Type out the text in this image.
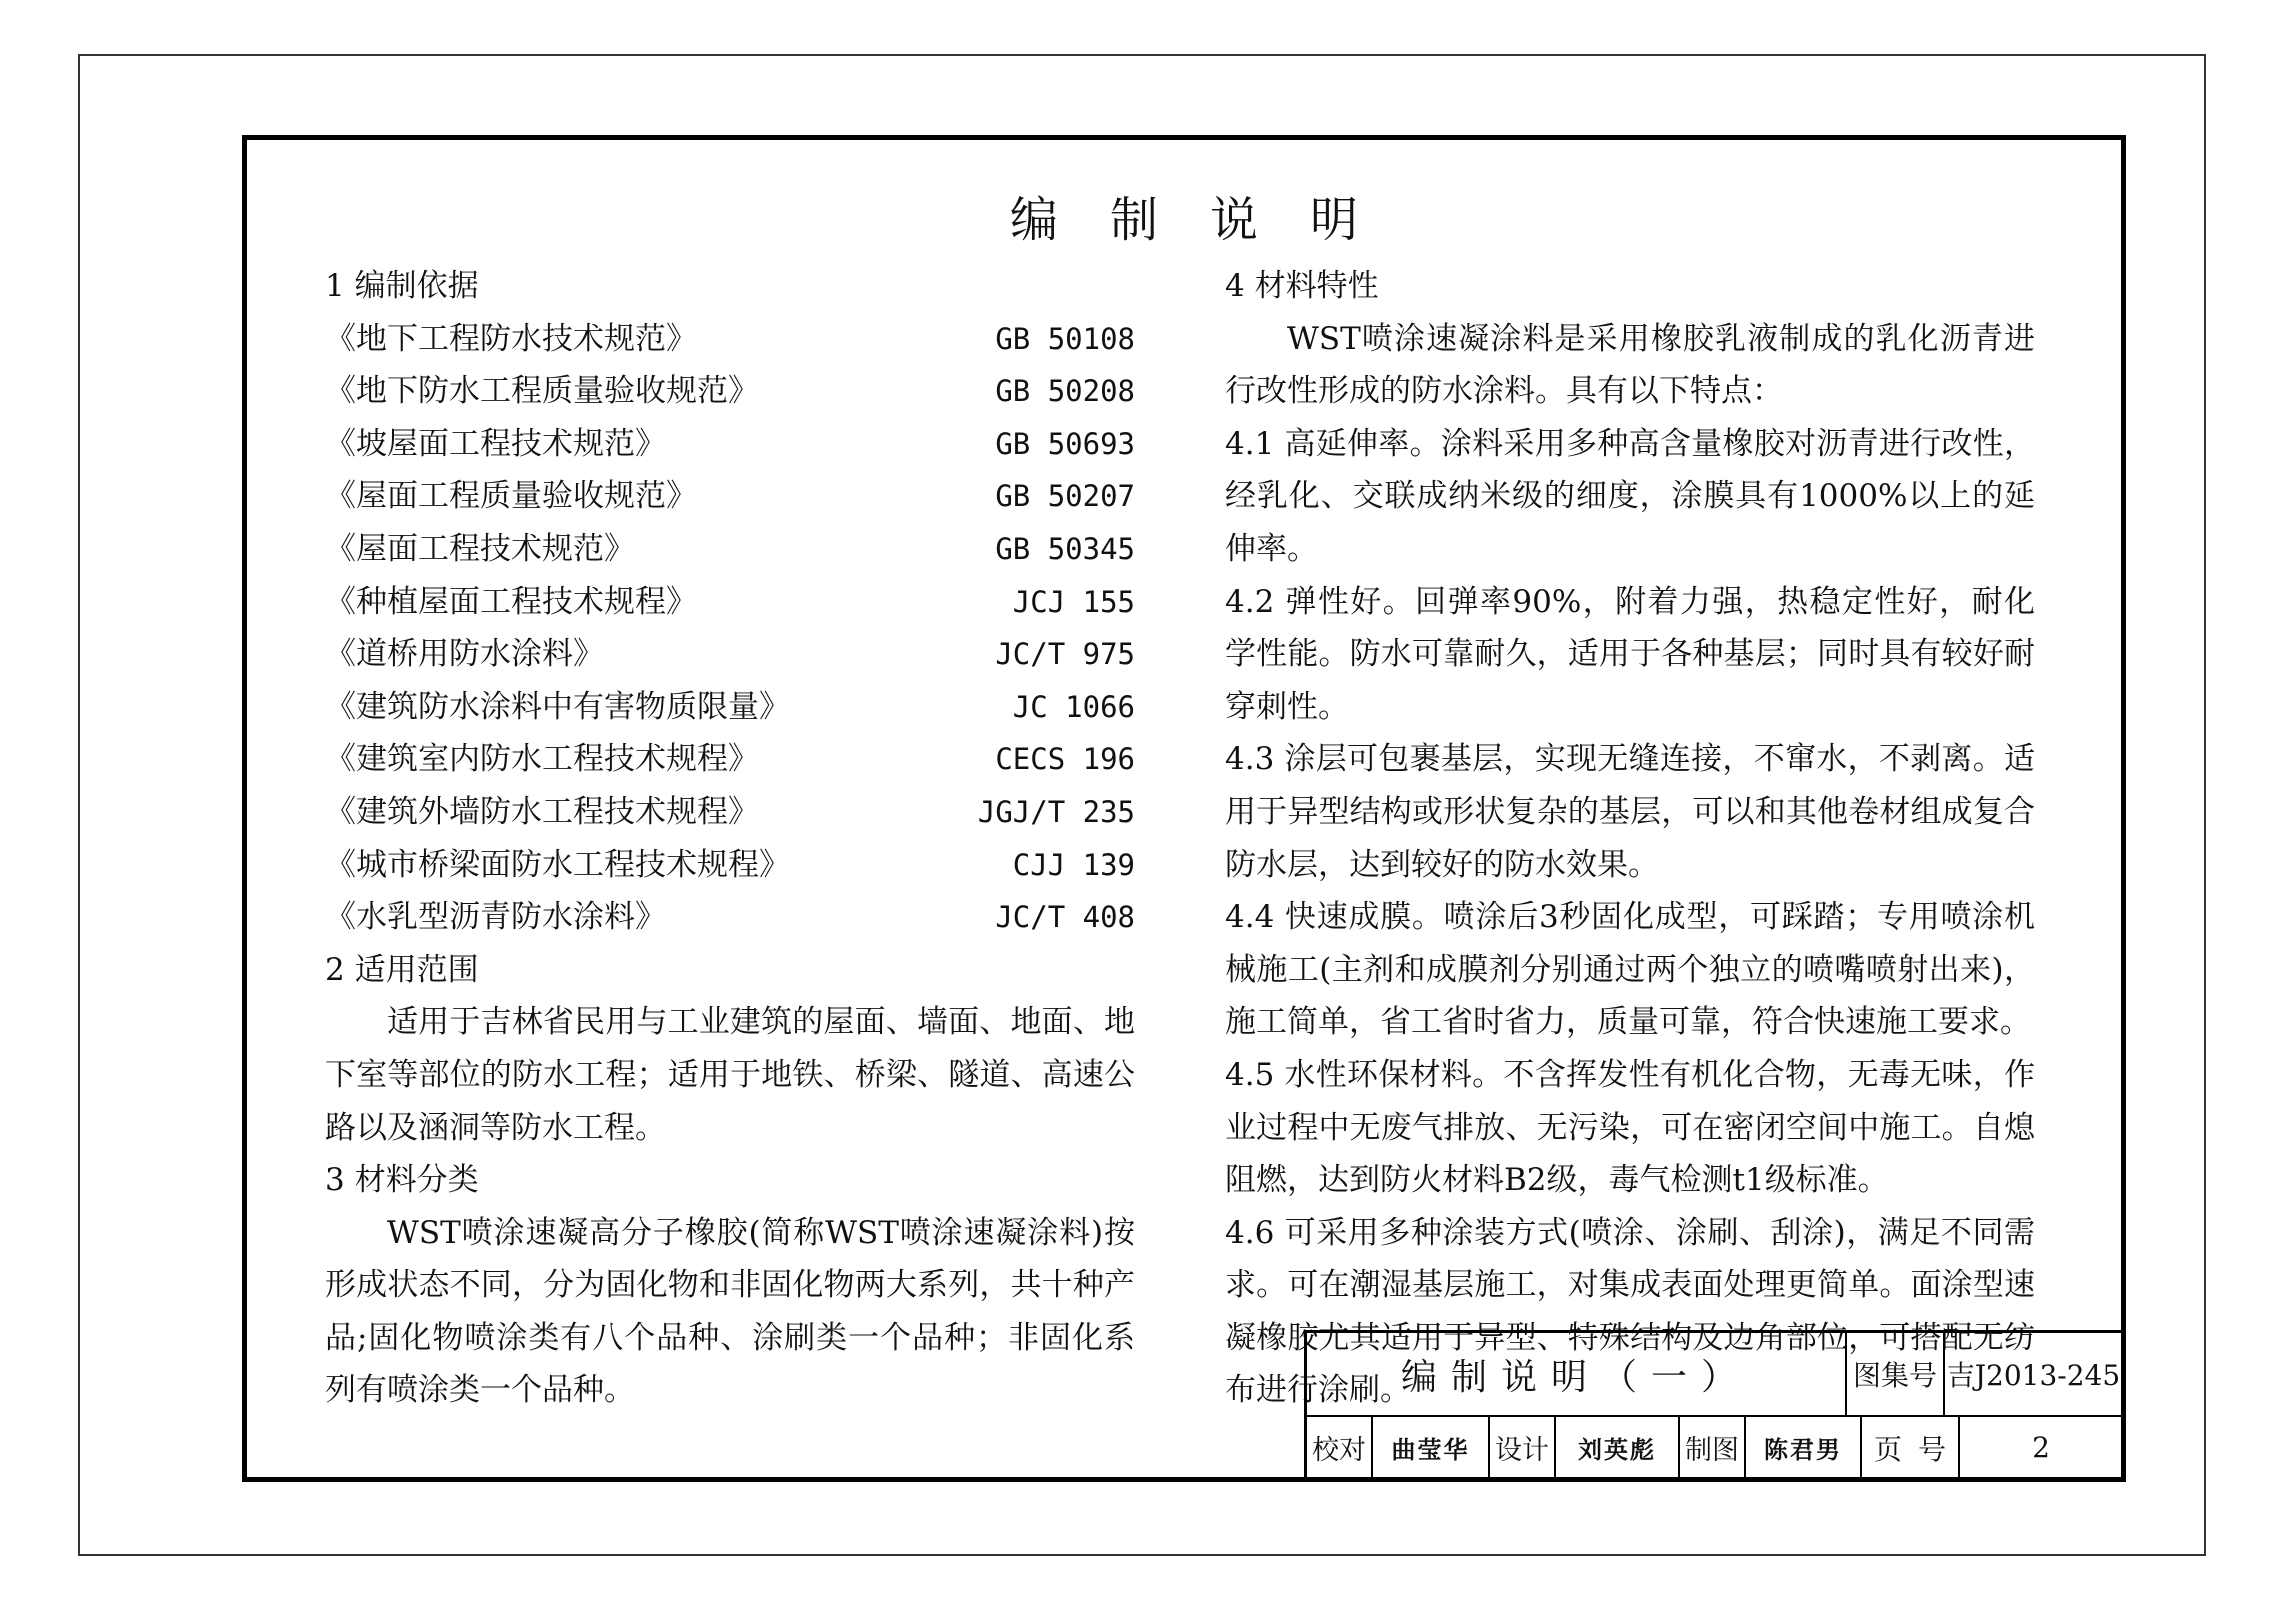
编制说明
1 编制依据
《地下工程防水技术规范》	GB 50108
《地下防水工程质量验收规范》	GB 50208
《坡屋面工程技术规范》	GB 50693
《屋面工程质量验收规范》	GB 50207
《屋面工程技术规范》	GB 50345
《种植屋面工程技术规程》	JCJ 155
《道桥用防水涂料》	JC/T 975
《建筑防水涂料中有害物质限量》	JC 1066
《建筑室内防水工程技术规程》	CECS 196
《建筑外墙防水工程技术规程》	JGJ/T 235
《城市桥梁面防水工程技术规程》	CJJ 139
《水乳型沥青防水涂料》	JC/T 408
2 适用范围
适用于吉林省民用与工业建筑的屋面、墙面、地面、地下室等部位的防水工程；适用于地铁、桥梁、隧道、高速公路以及涵洞等防水工程。
3 材料分类
WST喷涂速凝高分子橡胶(简称WST喷涂速凝涂料)按形成状态不同，分为固化物和非固化物两大系列，共十种产品;固化物喷涂类有八个品种、涂刷类一个品种；非固化系列有喷涂类一个品种。
4 材料特性
WST喷涂速凝涂料是采用橡胶乳液制成的乳化沥青进行改性形成的防水涂料。具有以下特点：
4.1 高延伸率。涂料采用多种高含量橡胶对沥青进行改性，经乳化、交联成纳米级的细度，涂膜具有1000%以上的延伸率。
4.2 弹性好。回弹率90%，附着力强，热稳定性好，耐化学性能。防水可靠耐久，适用于各种基层；同时具有较好耐穿刺性。
4.3 涂层可包裹基层，实现无缝连接，不窜水，不剥离。适用于异型结构或形状复杂的基层，可以和其他卷材组成复合防水层，达到较好的防水效果。
4.4 快速成膜。喷涂后3秒固化成型，可踩踏；专用喷涂机械施工(主剂和成膜剂分别通过两个独立的喷嘴喷射出来)，施工简单，省工省时省力，质量可靠，符合快速施工要求。
4.5 水性环保材料。不含挥发性有机化合物，无毒无味，作业过程中无废气排放、无污染，可在密闭空间中施工。自熄阻燃，达到防火材料B2级，毒气检测t1级标准。
4.6 可采用多种涂装方式(喷涂、涂刷、刮涂)，满足不同需求。可在潮湿基层施工，对集成表面处理更简单。面涂型速凝橡胶尤其适用于异型、特殊结构及边角部位，可搭配无纺布进行涂刷。
编制说明（一）	图集号 吉J2013-245
校对	曲莹华 设计	刘英彪	制图	陈君男	页号	2
